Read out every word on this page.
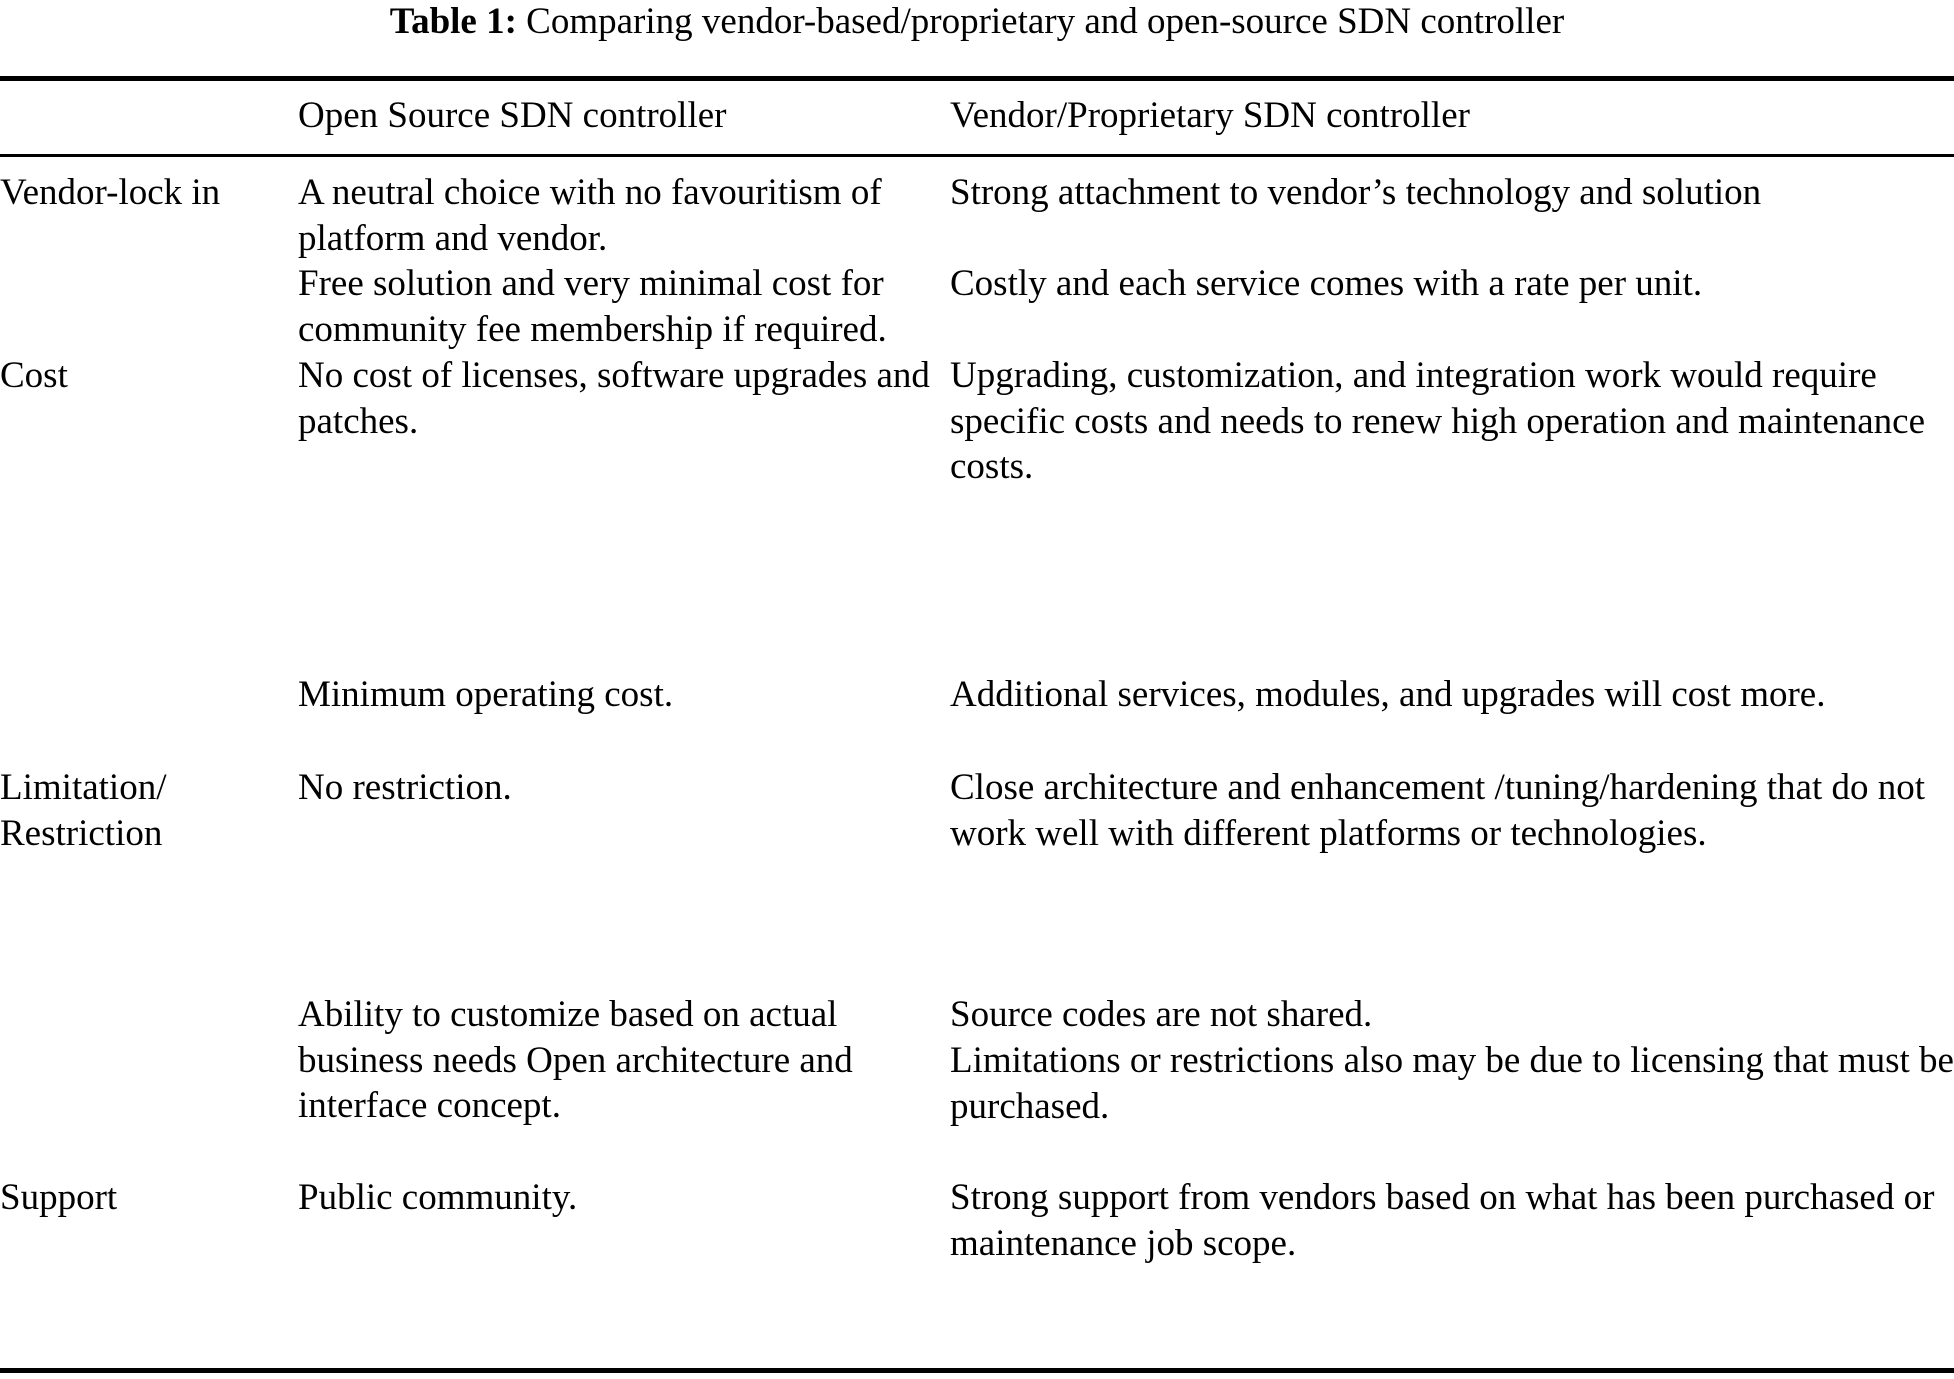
Table 1: Comparing vendor-based/proprietary and open-source SDN controller
Open Source SDN controller	Vendor/Proprietary SDN controller
Vendor-lock in
Cost

Limitation/

Restriction

Support
A neutral choice with no favouritism of platform and vendor.
Free solution and very minimal cost for community fee membership if required.
No cost of licenses, software upgrades and patches.
Minimum operating cost.
No restriction.
Ability to customize based on actual business needs Open architecture and interface concept.
Public community.
Strong attachment to vendor’s technology and solution
Costly and each service comes with a rate per unit.
Upgrading, customization, and integration work would require specific costs and needs to renew high operation and maintenance costs.
Additional services, modules, and upgrades will cost more.
Close architecture and enhancement /tuning/hardening that do not work well with different platforms or technologies.
Source codes are not shared.
Limitations or restrictions also may be due to licensing that must be purchased.
Strong support from vendors based on what has been purchased or maintenance job scope.
